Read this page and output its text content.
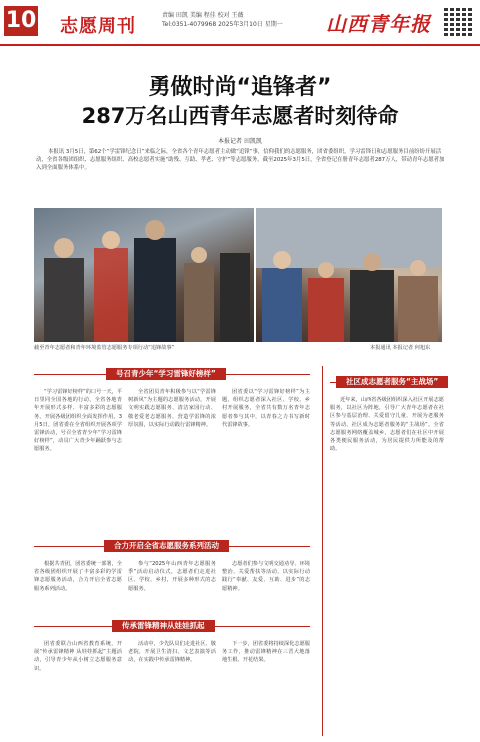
10 志愿周刊
责编 田凯 美编 程佳 校对 王薇
Tel:0351-4079968 2025年3月10日 星期一	山西青年报
勇做时尚“追锋者”
287万名山西青年志愿者时刻待命
本报记者 田凯凯
本报讯 3月5日，第62个“学雷锋纪念日”来临之际，全省各个青年志愿者主动做“追锋”事，信仰我们的志愿服务，团省委组织，学习雷锋日和志愿服务目前纷纷开展活动，全省各级团组织、志愿服务组织、高校志愿者实施“助残、互助、孝老、守护”等志愿服务，截至2025年3月5日，全省登记在册青年志愿者287万人，带动青年志愿者加入到全面服务体系中。
截至青年志愿者和青年环境监管志愿服务专项行动“追锋故事”	本报通讯 本报记者 何旭东
号召青少年“学习雷锋好榜样”

“学习雷锋好榜样”的口号一天，平日里同全国各地的行动，全省各地青年开展形式多样、丰富多彩的志愿服务，开展各级团组织全面发挥作用。3月5日，团省委在全省组织开展各项学雷锋活动，号召全省青少年“学习雷锋好榜样”，动员广大青少年踊跃参与志愿服务。

全省团员青年积极参与以“学雷锋 树新风”为主题的志愿服务活动，开展文明实践志愿服务、清洁家园行动、敬老爱老志愿服务，营造学雷锋的浓厚氛围，以实际行动践行雷锋精神。

团省委以“学习雷锋好榜样”为主题，组织志愿者深入社区、学校、乡村开展服务，全省共有数万名青年志愿者参与其中，以青春之力书写新时代雷锋故事。

社区成志愿者服务“主战场”

近年来，山西省各级团组织深入社区开展志愿服务，以社区为阵地，引导广大青年志愿者在社区参与基层治理、关爱留守儿童、开展为老服务等活动，社区成为志愿者服务的“主战场”。全省志愿服务网络覆盖城乡，志愿者们在社区中开展各类便民服务活动，为居民提供力所能及的帮助。

合力开启全省志愿服务系列活动

根据共青团，团省委统一部署，全省各级团组织开展了丰富多彩的学雷锋志愿服务活动，合力开启全省志愿服务系列活动。

参与“2025年山西青年志愿服务季”活动启动仪式，志愿者们走进社区、学校、乡村，开展多种形式的志愿服务。

志愿者们参与文明交通劝导、环境整治、关爱帮扶等活动，以实际行动践行“奉献、友爱、互助、进步”的志愿精神。

传承雷锋精神从娃娃抓起

团省委联合山西省教育系统，开展“传承雷锋精神 从娃娃抓起”主题活动，引导青少年从小树立志愿服务意识。

活动中，少先队员们走进社区、敬老院，开展卫生清扫、文艺表演等活动，在实践中传承雷锋精神。

下一步，团省委将持续深化志愿服务工作，推动雷锋精神在三晋大地落地生根、开花结果。
